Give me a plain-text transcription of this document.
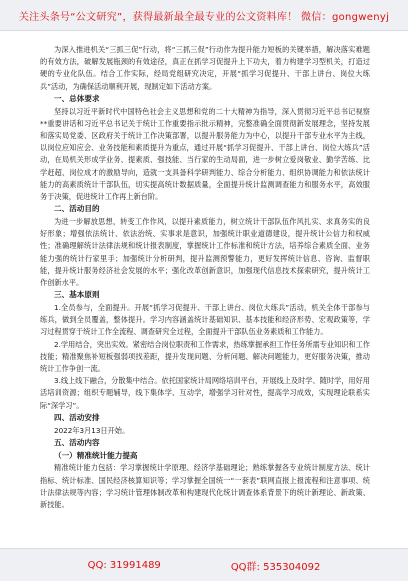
关注头条号“公文研究”，获得最新最全最专业的公文资料库！ 微信：gongwenyj

为深入推进机关“三抓三促”行动，将“三抓三促”行动作为提升能力短板的关键举措，解决落实难题的有效方法，破解发展瓶颈的有效途径，真正在抓学习促提升上下功夫，着力构建学习型机关，打造过硬的专业化队伍。结合工作实际，经局党组研究决定，开展“抓学习促提升、干部上讲台、岗位大练兵”活动，为确保活动顺利开展，现制定如下活动方案。

一、总体要求

坚持以习近平新时代中国特色社会主义思想和党的二十大精神为指导，深入贯彻习近平总书记视察**重要讲话和习近平总书记关于统计工作重要指示批示精神，完整准确全面贯彻新发展理念，坚持发展和落实局党委、区政府关于统计工作决策部署，以提升服务能力为中心，以提升干部专业水平为主线，以岗位应知应会、业务技能和素质提升为重点，通过开展“抓学习促提升、干部上讲台、岗位大练兵”活动，在局机关形成学业务、提素质、强技能、当行家的生动局面，进一步树立爱岗敬业、勤学苦练、比学赶超、岗位成才的激励导向，造就一支具备科学研判能力、综合分析能力、组织协调能力和依法统计能力的高素质统计干部队伍，切实提高统计数据质量，全面提升统计监测调查能力和服务水平，高效服务于决策，促进统计工作再上新台阶。

二、活动目的

为进一步解放思想，转变工作作风，以提升素质能力，树立统计干部队伍作风扎实、求真务实的良好形象；增强依法统计、依法治统、实事求是意识，加强统计职业道德建设，提升统计公信力和权威性；准确理解统计法律法规和统计报表制度，掌握统计工作标准和统计方法，培养综合素质全面、业务能力强的统计行家里手；加强统计分析研判，提升监测预警能力，更好发挥统计信息、咨询、监督职能，提升统计服务经济社会发展的水平；强化改革创新意识，加强现代信息技术探索研究，提升统计工作创新水平。

三、基本原则

1.全员参与，全面提升。开展“抓学习促提升、干部上讲台、岗位大练兵”活动，机关全体干部参与练兵，做到全员覆盖，整体提升。学习内容涵盖统计基础知识、基本技能和经济形势、宏观政策等，学习过程贯穿于统计工作全流程、调查研究全过程，全面提升干部队伍业务素质和工作能力。

2.学用结合，突出实效。紧密结合岗位职责和工作需求，热练掌握承担工作任务所需专业知识和工作技能；精准聚焦补短板强弱项找差距，提升发现问题、分析问题、解决问题能力，更好服务决策，推动统计工作争创一流。

3.线上线下融合，分散集中结合。依托国家统计局网络培训平台，开展线上及时学、随时学，用好用活培训资源；组织专题辅导，线下集体学、互动学，增强学习针对性，提高学习成效，实现理论联系实际“深学习”。

四、活动安排

2022年3月13日开始。

五、活动内容

（一）精准统计能力提高

精准统计能力包括：学习掌握统计学原理、经济学基础理论；熟练掌握各专业统计制度方法、统计指标、统计标准、国民经济核算知识等；学习掌握全国统一“一套表”联网直报上报流程和注意事项、统计法律法规等内容；学习统计管理体制改革和构建现代化统计调查体系背景下的统计新理论、新政策、新技能。

QQ: 31991489	QQ群: 535304092
